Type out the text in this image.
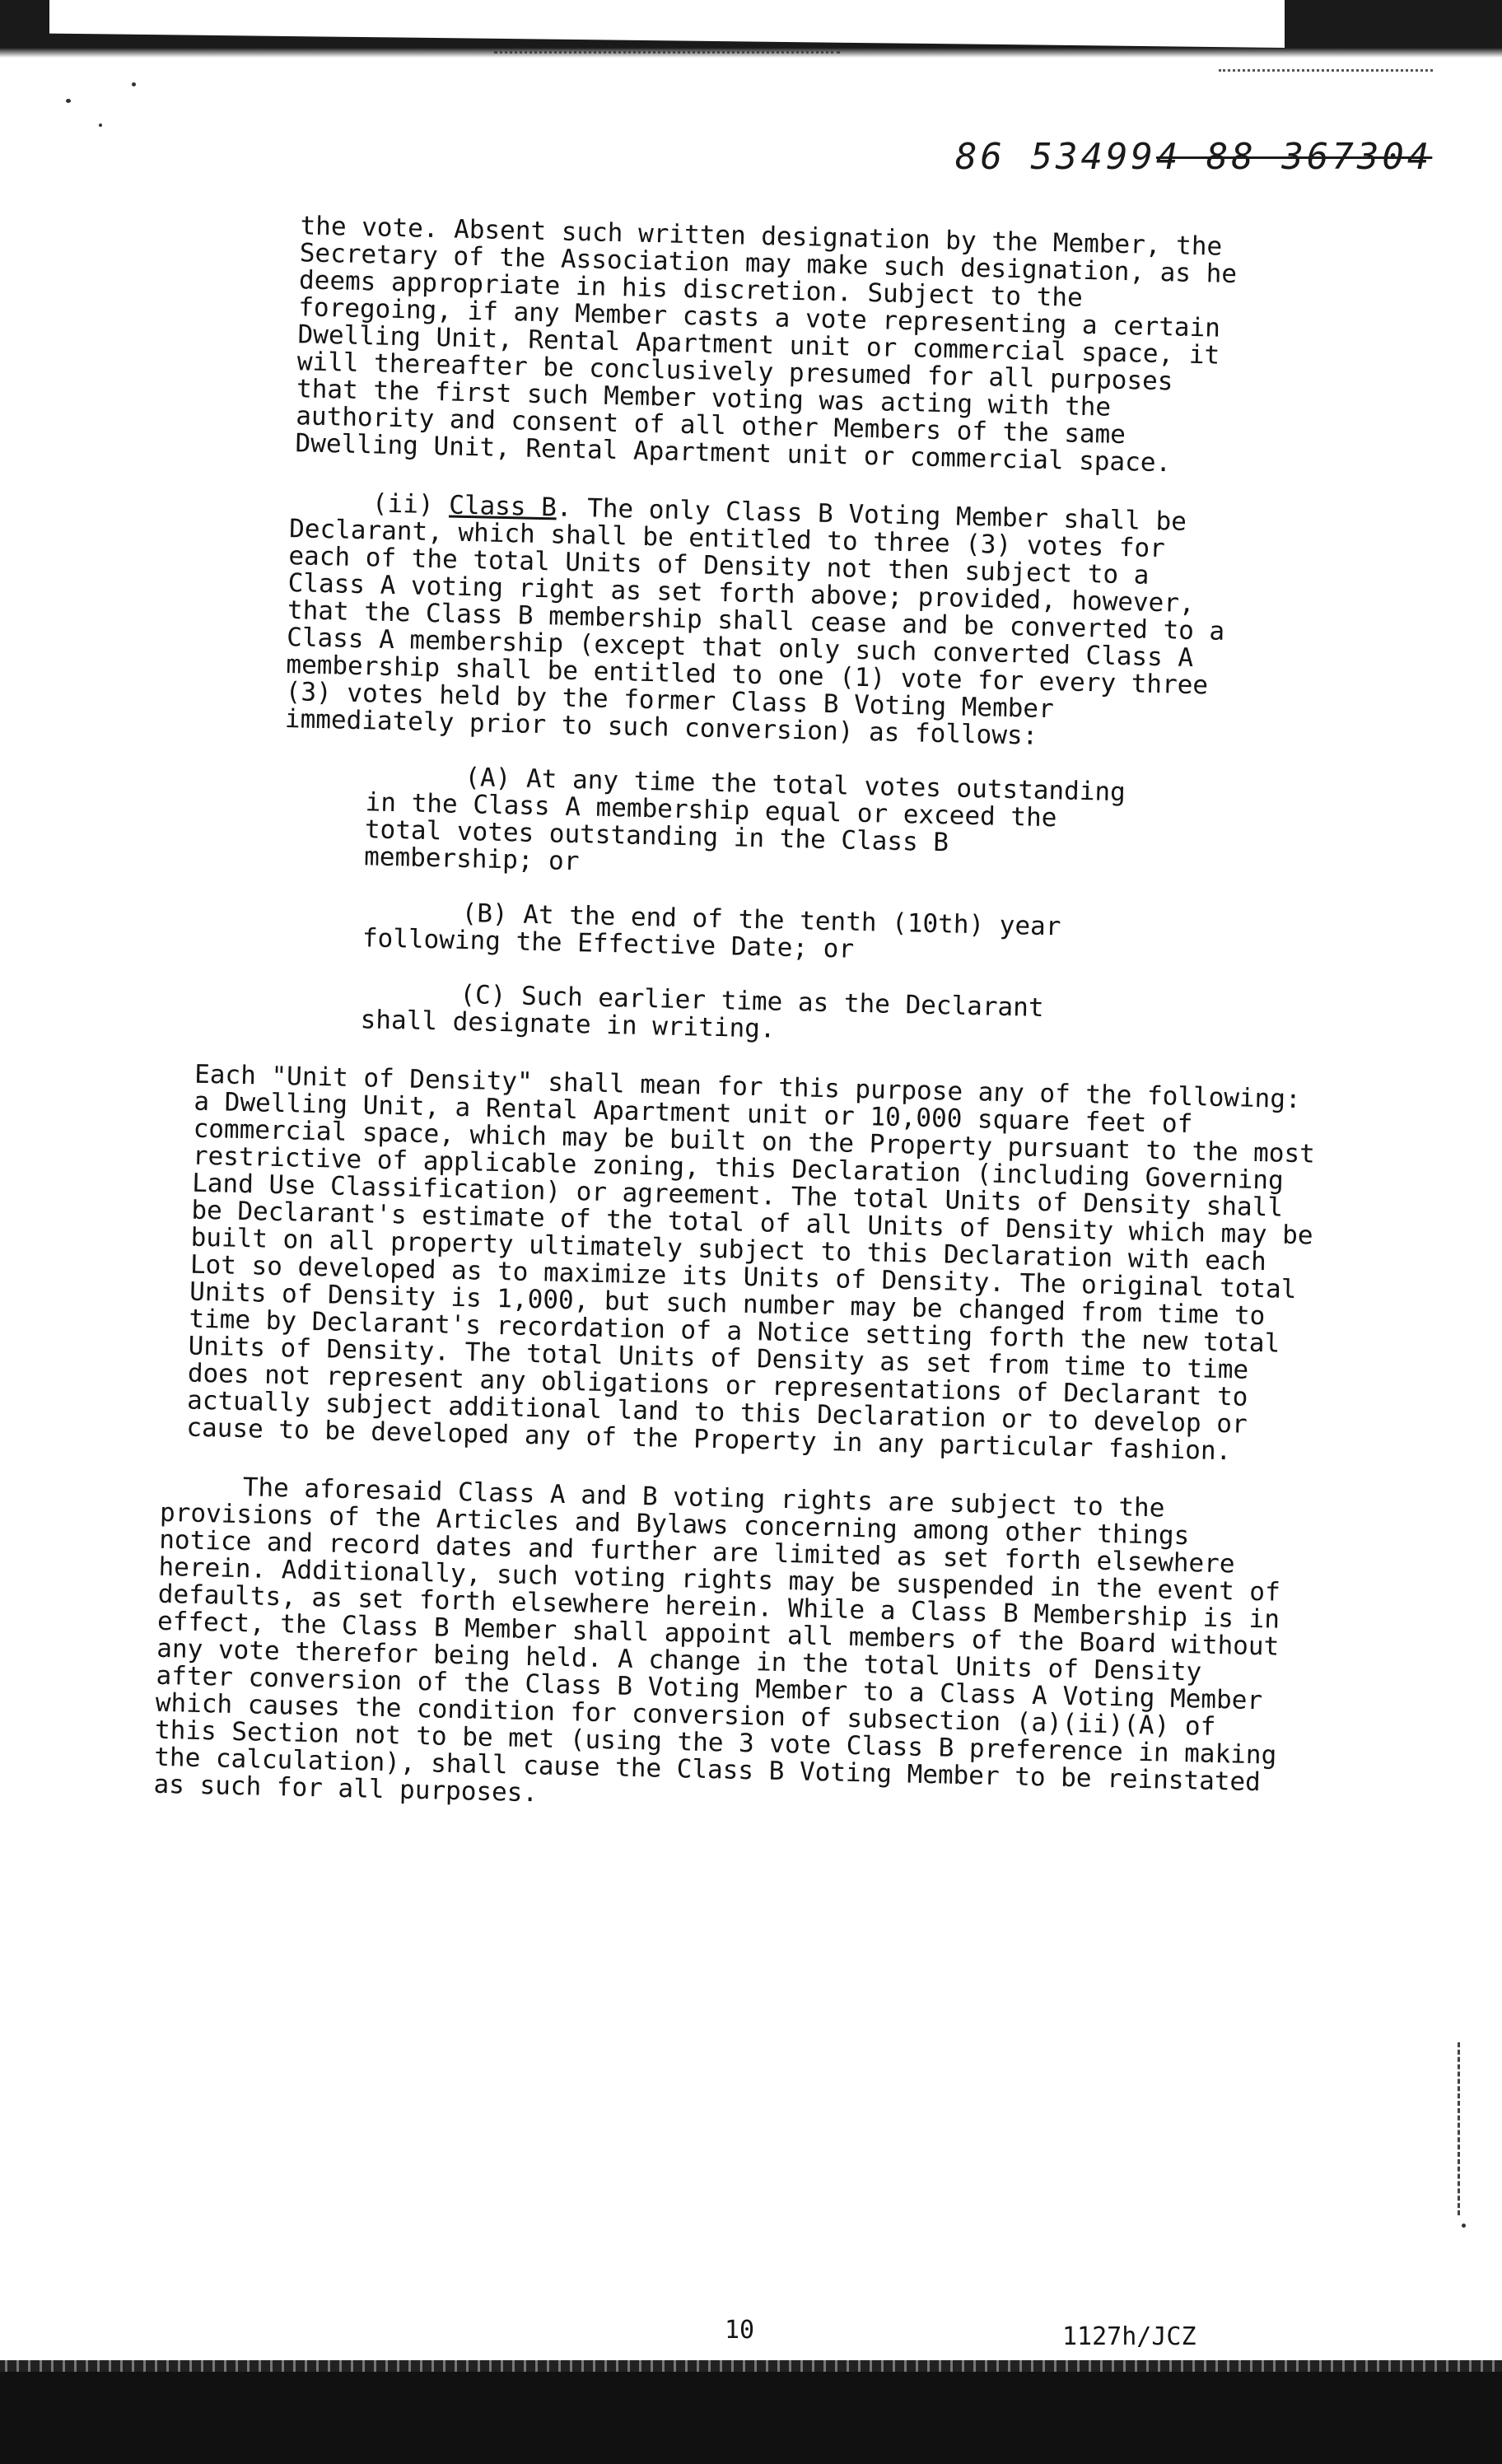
86 534994 88 367304

the vote. Absent such written designation by the Member, the Secretary of the Association may make such designation, as he deems appropriate in his discretion. Subject to the foregoing, if any Member casts a vote representing a certain Dwelling Unit, Rental Apartment unit or commercial space, it will thereafter be conclusively presumed for all purposes that the first such Member voting was acting with the authority and consent of all other Members of the same Dwelling Unit, Rental Apartment unit or commercial space.

(ii) Class B. The only Class B Voting Member shall be Declarant, which shall be entitled to three (3) votes for each of the total Units of Density not then subject to a Class A voting right as set forth above; provided, however, that the Class B membership shall cease and be converted to a Class A membership (except that only such converted Class A membership shall be entitled to one (1) vote for every three (3) votes held by the former Class B Voting Member immediately prior to such conversion) as follows:

(A) At any time the total votes outstanding in the Class A membership equal or exceed the total votes outstanding in the Class B membership; or

(B) At the end of the tenth (10th) year following the Effective Date; or

(C) Such earlier time as the Declarant shall designate in writing.

Each "Unit of Density" shall mean for this purpose any of the following: a Dwelling Unit, a Rental Apartment unit or 10,000 square feet of commercial space, which may be built on the Property pursuant to the most restrictive of applicable zoning, this Declaration (including Governing Land Use Classification) or agreement. The total Units of Density shall be Declarant's estimate of the total of all Units of Density which may be built on all property ultimately subject to this Declaration with each Lot so developed as to maximize its Units of Density. The original total Units of Density is 1,000, but such number may be changed from time to time by Declarant's recordation of a Notice setting forth the new total Units of Density. The total Units of Density as set from time to time does not represent any obligations or representations of Declarant to actually subject additional land to this Declaration or to develop or cause to be developed any of the Property in any particular fashion.

The aforesaid Class A and B voting rights are subject to the provisions of the Articles and Bylaws concerning among other things notice and record dates and further are limited as set forth elsewhere herein. Additionally, such voting rights may be suspended in the event of defaults, as set forth elsewhere herein. While a Class B Membership is in effect, the Class B Member shall appoint all members of the Board without any vote therefor being held. A change in the total Units of Density after conversion of the Class B Voting Member to a Class A Voting Member which causes the condition for conversion of subsection (a)(ii)(A) of this Section not to be met (using the 3 vote Class B preference in making the calculation), shall cause the Class B Voting Member to be reinstated as such for all purposes.

10	1127h/JCZ
